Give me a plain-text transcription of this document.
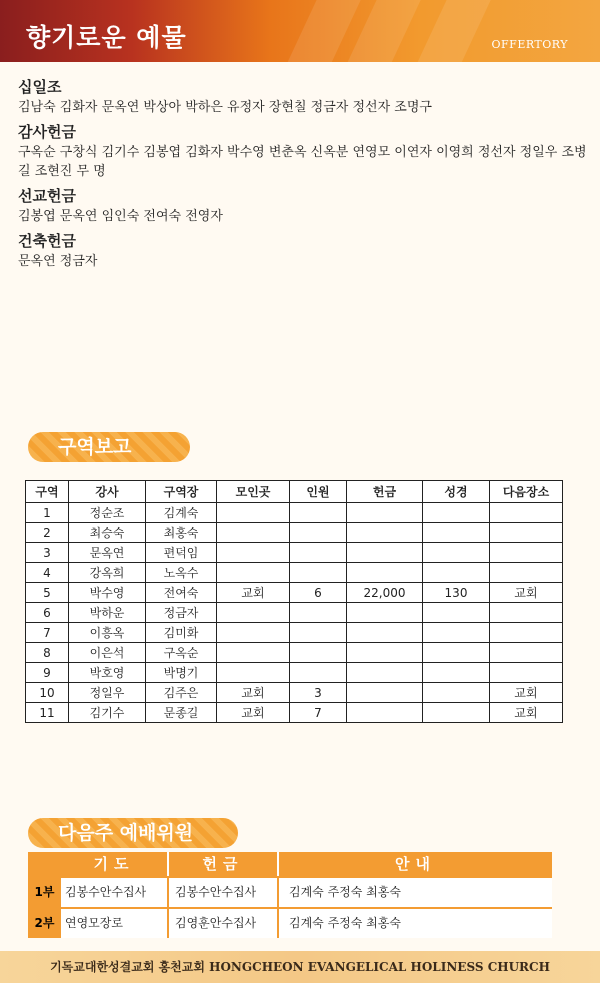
향기로운 예물	OFFERTORY

십일조

김남숙 김화자 문옥연 박상아 박하은 유정자 장현칠 정금자 정선자 조명구

감사헌금

구옥순 구창식 김기수 김봉엽 김화자 박수영 변춘옥 신옥분 연영모 이연자 이영희 정선자 정일우 조병길 조현진 무 명

선교헌금

김봉엽 문옥연 임인숙 전여숙 전영자

건축헌금

문옥연 정금자

구역보고
구역	강사	구역장	모인곳	인원	헌금	성경	다음장소
1	정순조	김계숙					
2	최승숙	최홍숙					
3	문옥연	편덕임					
4	강옥희	노옥수					
5	박수영	전여숙	교회	6	22,000	130	교회
6	박하운	정금자					
7	이흥옥	김미화					
8	이은석	구옥순					
9	박호영	박명기					
10	정일우	김주은	교회	3			교회
11	김기수	문종길	교회	7			교회
다음주 예배위원
기도	헌금	안내
1부 김봉수안수집사	김봉수안수집사	김계숙 주정숙 최홍숙
2부 연영모장로	김영훈안수집사	김계숙 주정숙 최홍숙
기독교대한성결교회 홍천교회 HONGCHEON EVANGELICAL HOLINESS CHURCH
